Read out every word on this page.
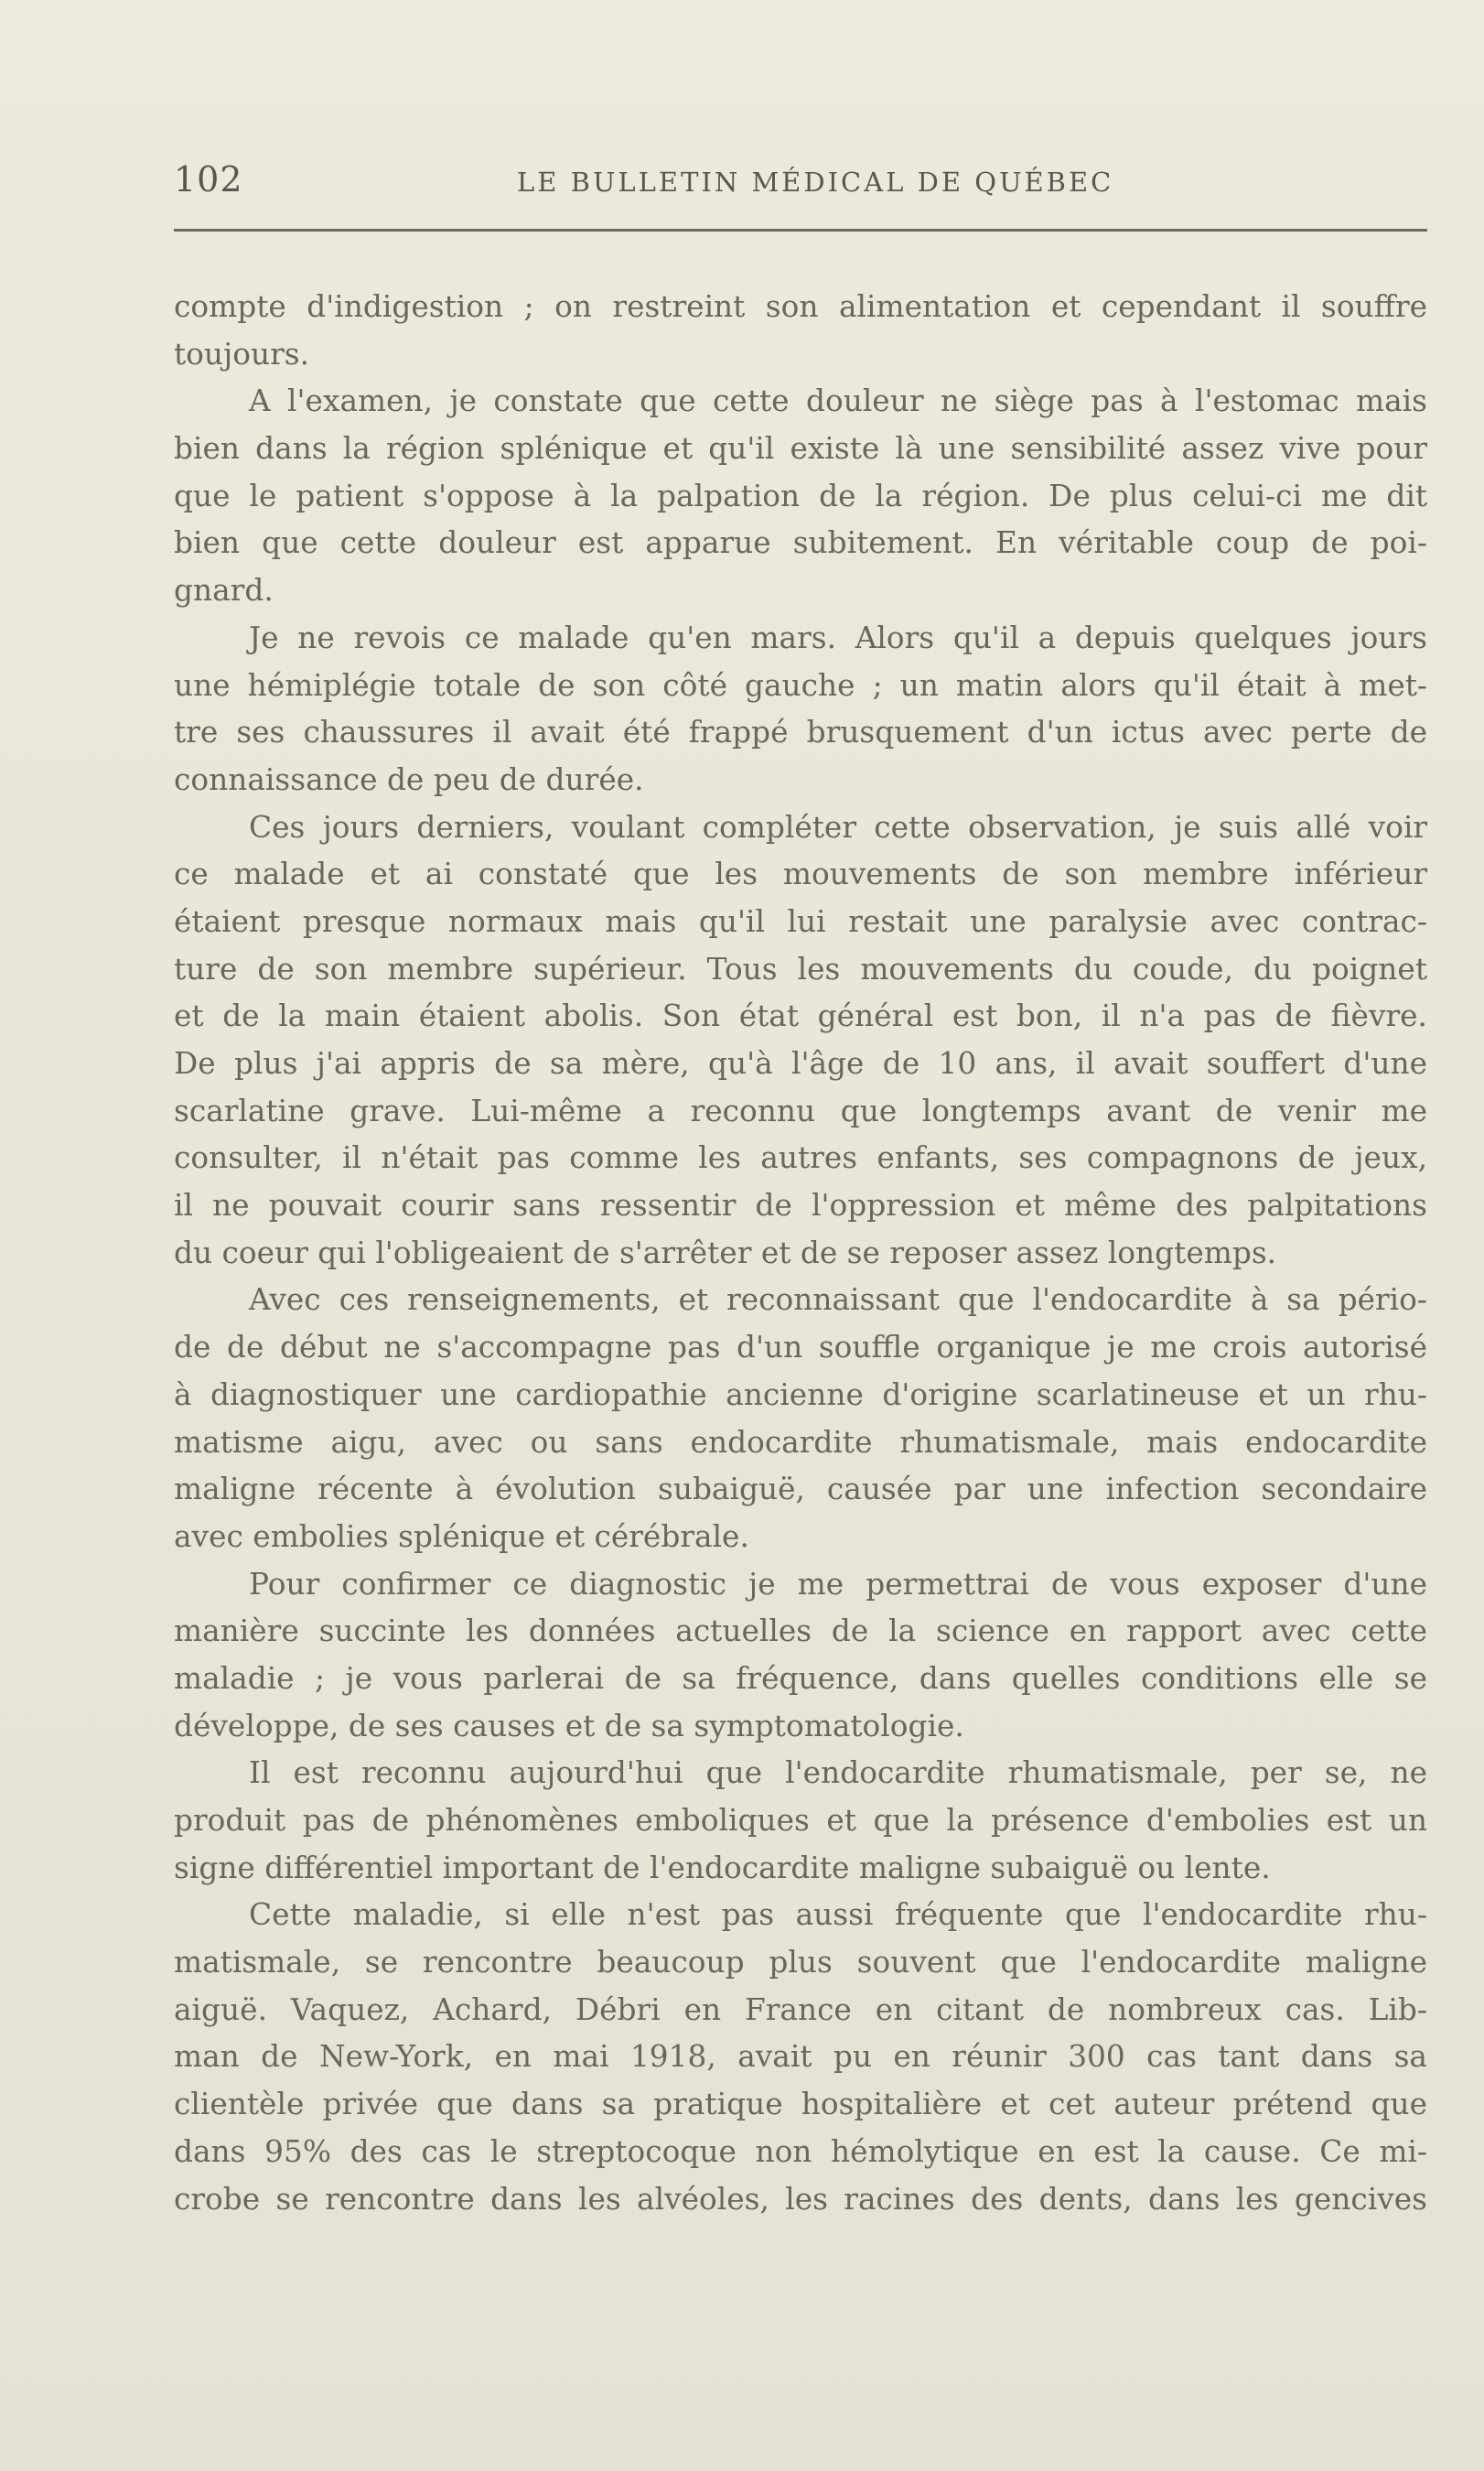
102	LE BULLETIN MÉDICAL DE QUÉBEC
compte d'indigestion ; on restreint son alimentation et cependant il souffre
toujours.
A l'examen, je constate que cette douleur ne siège pas à l'estomac mais
bien dans la région splénique et qu'il existe là une sensibilité assez vive pour
que le patient s'oppose à la palpation de la région. De plus celui-ci me dit
bien que cette douleur est apparue subitement. En véritable coup de poi-
gnard.
Je ne revois ce malade qu'en mars. Alors qu'il a depuis quelques jours
une hémiplégie totale de son côté gauche ; un matin alors qu'il était à met-
tre ses chaussures il avait été frappé brusquement d'un ictus avec perte de
connaissance de peu de durée.
Ces jours derniers, voulant compléter cette observation, je suis allé voir
ce malade et ai constaté que les mouvements de son membre inférieur
étaient presque normaux mais qu'il lui restait une paralysie avec contrac-
ture de son membre supérieur. Tous les mouvements du coude, du poignet
et de la main étaient abolis. Son état général est bon, il n'a pas de fièvre.
De plus j'ai appris de sa mère, qu'à l'âge de 10 ans, il avait souffert d'une
scarlatine grave. Lui-même a reconnu que longtemps avant de venir me
consulter, il n'était pas comme les autres enfants, ses compagnons de jeux,
il ne pouvait courir sans ressentir de l'oppression et même des palpitations
du coeur qui l'obligeaient de s'arrêter et de se reposer assez longtemps.
Avec ces renseignements, et reconnaissant que l'endocardite à sa pério-
de de début ne s'accompagne pas d'un souffle organique je me crois autorisé
à diagnostiquer une cardiopathie ancienne d'origine scarlatineuse et un rhu-
matisme aigu, avec ou sans endocardite rhumatismale, mais endocardite
maligne récente à évolution subaiguë, causée par une infection secondaire
avec embolies splénique et cérébrale.
Pour confirmer ce diagnostic je me permettrai de vous exposer d'une
manière succinte les données actuelles de la science en rapport avec cette
maladie ; je vous parlerai de sa fréquence, dans quelles conditions elle se
développe, de ses causes et de sa symptomatologie.
Il est reconnu aujourd'hui que l'endocardite rhumatismale, per se, ne
produit pas de phénomènes emboliques et que la présence d'embolies est un
signe différentiel important de l'endocardite maligne subaiguë ou lente.
Cette maladie, si elle n'est pas aussi fréquente que l'endocardite rhu-
matismale, se rencontre beaucoup plus souvent que l'endocardite maligne
aiguë. Vaquez, Achard, Débri en France en citant de nombreux cas. Lib-
man de New-York, en mai 1918, avait pu en réunir 300 cas tant dans sa
clientèle privée que dans sa pratique hospitalière et cet auteur prétend que
dans 95% des cas le streptocoque non hémolytique en est la cause. Ce mi-
crobe se rencontre dans les alvéoles, les racines des dents, dans les gencives
